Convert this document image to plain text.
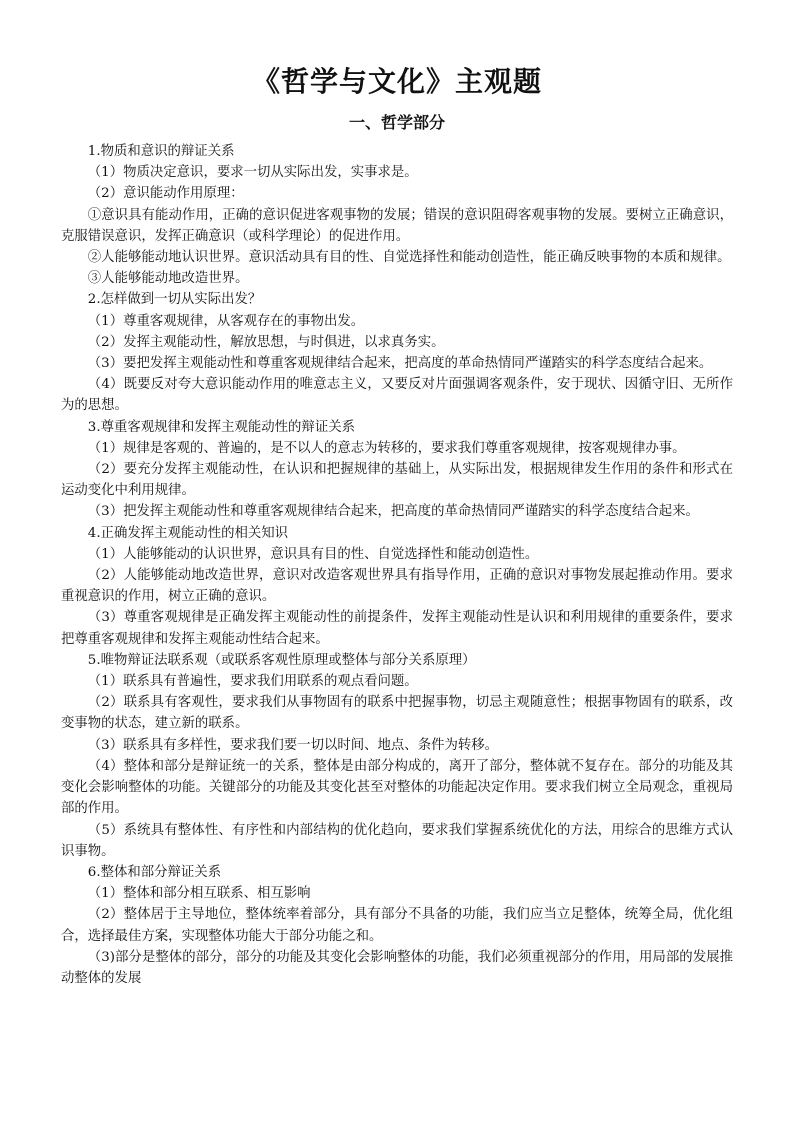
《哲学与文化》主观题
一、哲学部分

1.物质和意识的辩证关系

（1）物质决定意识，要求一切从实际出发，实事求是。

（2）意识能动作用原理：

①意识具有能动作用，正确的意识促进客观事物的发展；错误的意识阻碍客观事物的发展。要树立正确意识，克服错误意识，发挥正确意识（或科学理论）的促进作用。

②人能够能动地认识世界。意识活动具有目的性、自觉选择性和能动创造性，能正确反映事物的本质和规律。

③人能够能动地改造世界。

2.怎样做到一切从实际出发？

（1）尊重客观规律，从客观存在的事物出发。

（2）发挥主观能动性，解放思想，与时俱进，以求真务实。

（3）要把发挥主观能动性和尊重客观规律结合起来，把高度的革命热情同严谨踏实的科学态度结合起来。

（4）既要反对夸大意识能动作用的唯意志主义，又要反对片面强调客观条件，安于现状、因循守旧、无所作为的思想。

3.尊重客观规律和发挥主观能动性的辩证关系

（1）规律是客观的、普遍的，是不以人的意志为转移的，要求我们尊重客观规律，按客观规律办事。

（2）要充分发挥主观能动性，在认识和把握规律的基础上，从实际出发，根据规律发生作用的条件和形式在运动变化中利用规律。

（3）把发挥主观能动性和尊重客观规律结合起来，把高度的革命热情同严谨踏实的科学态度结合起来。

4.正确发挥主观能动性的相关知识

（1）人能够能动的认识世界，意识具有目的性、自觉选择性和能动创造性。

（2）人能够能动地改造世界，意识对改造客观世界具有指导作用，正确的意识对事物发展起推动作用。要求重视意识的作用，树立正确的意识。

（3）尊重客观规律是正确发挥主观能动性的前提条件，发挥主观能动性是认识和利用规律的重要条件，要求把尊重客观规律和发挥主观能动性结合起来。

5.唯物辩证法联系观（或联系客观性原理或整体与部分关系原理）

（1）联系具有普遍性，要求我们用联系的观点看问题。

（2）联系具有客观性，要求我们从事物固有的联系中把握事物，切忌主观随意性；根据事物固有的联系，改变事物的状态，建立新的联系。

（3）联系具有多样性，要求我们要一切以时间、地点、条件为转移。

（4）整体和部分是辩证统一的关系，整体是由部分构成的，离开了部分，整体就不复存在。部分的功能及其变化会影响整体的功能。关键部分的功能及其变化甚至对整体的功能起决定作用。要求我们树立全局观念，重视局部的作用。

（5）系统具有整体性、有序性和内部结构的优化趋向，要求我们掌握系统优化的方法，用综合的思维方式认识事物。

6.整体和部分辩证关系

（1）整体和部分相互联系、相互影响

（2）整体居于主导地位，整体统率着部分，具有部分不具备的功能，我们应当立足整体，统筹全局，优化组合，选择最佳方案，实现整体功能大于部分功能之和。

（3)部分是整体的部分，部分的功能及其变化会影响整体的功能，我们必须重视部分的作用，用局部的发展推动整体的发展
